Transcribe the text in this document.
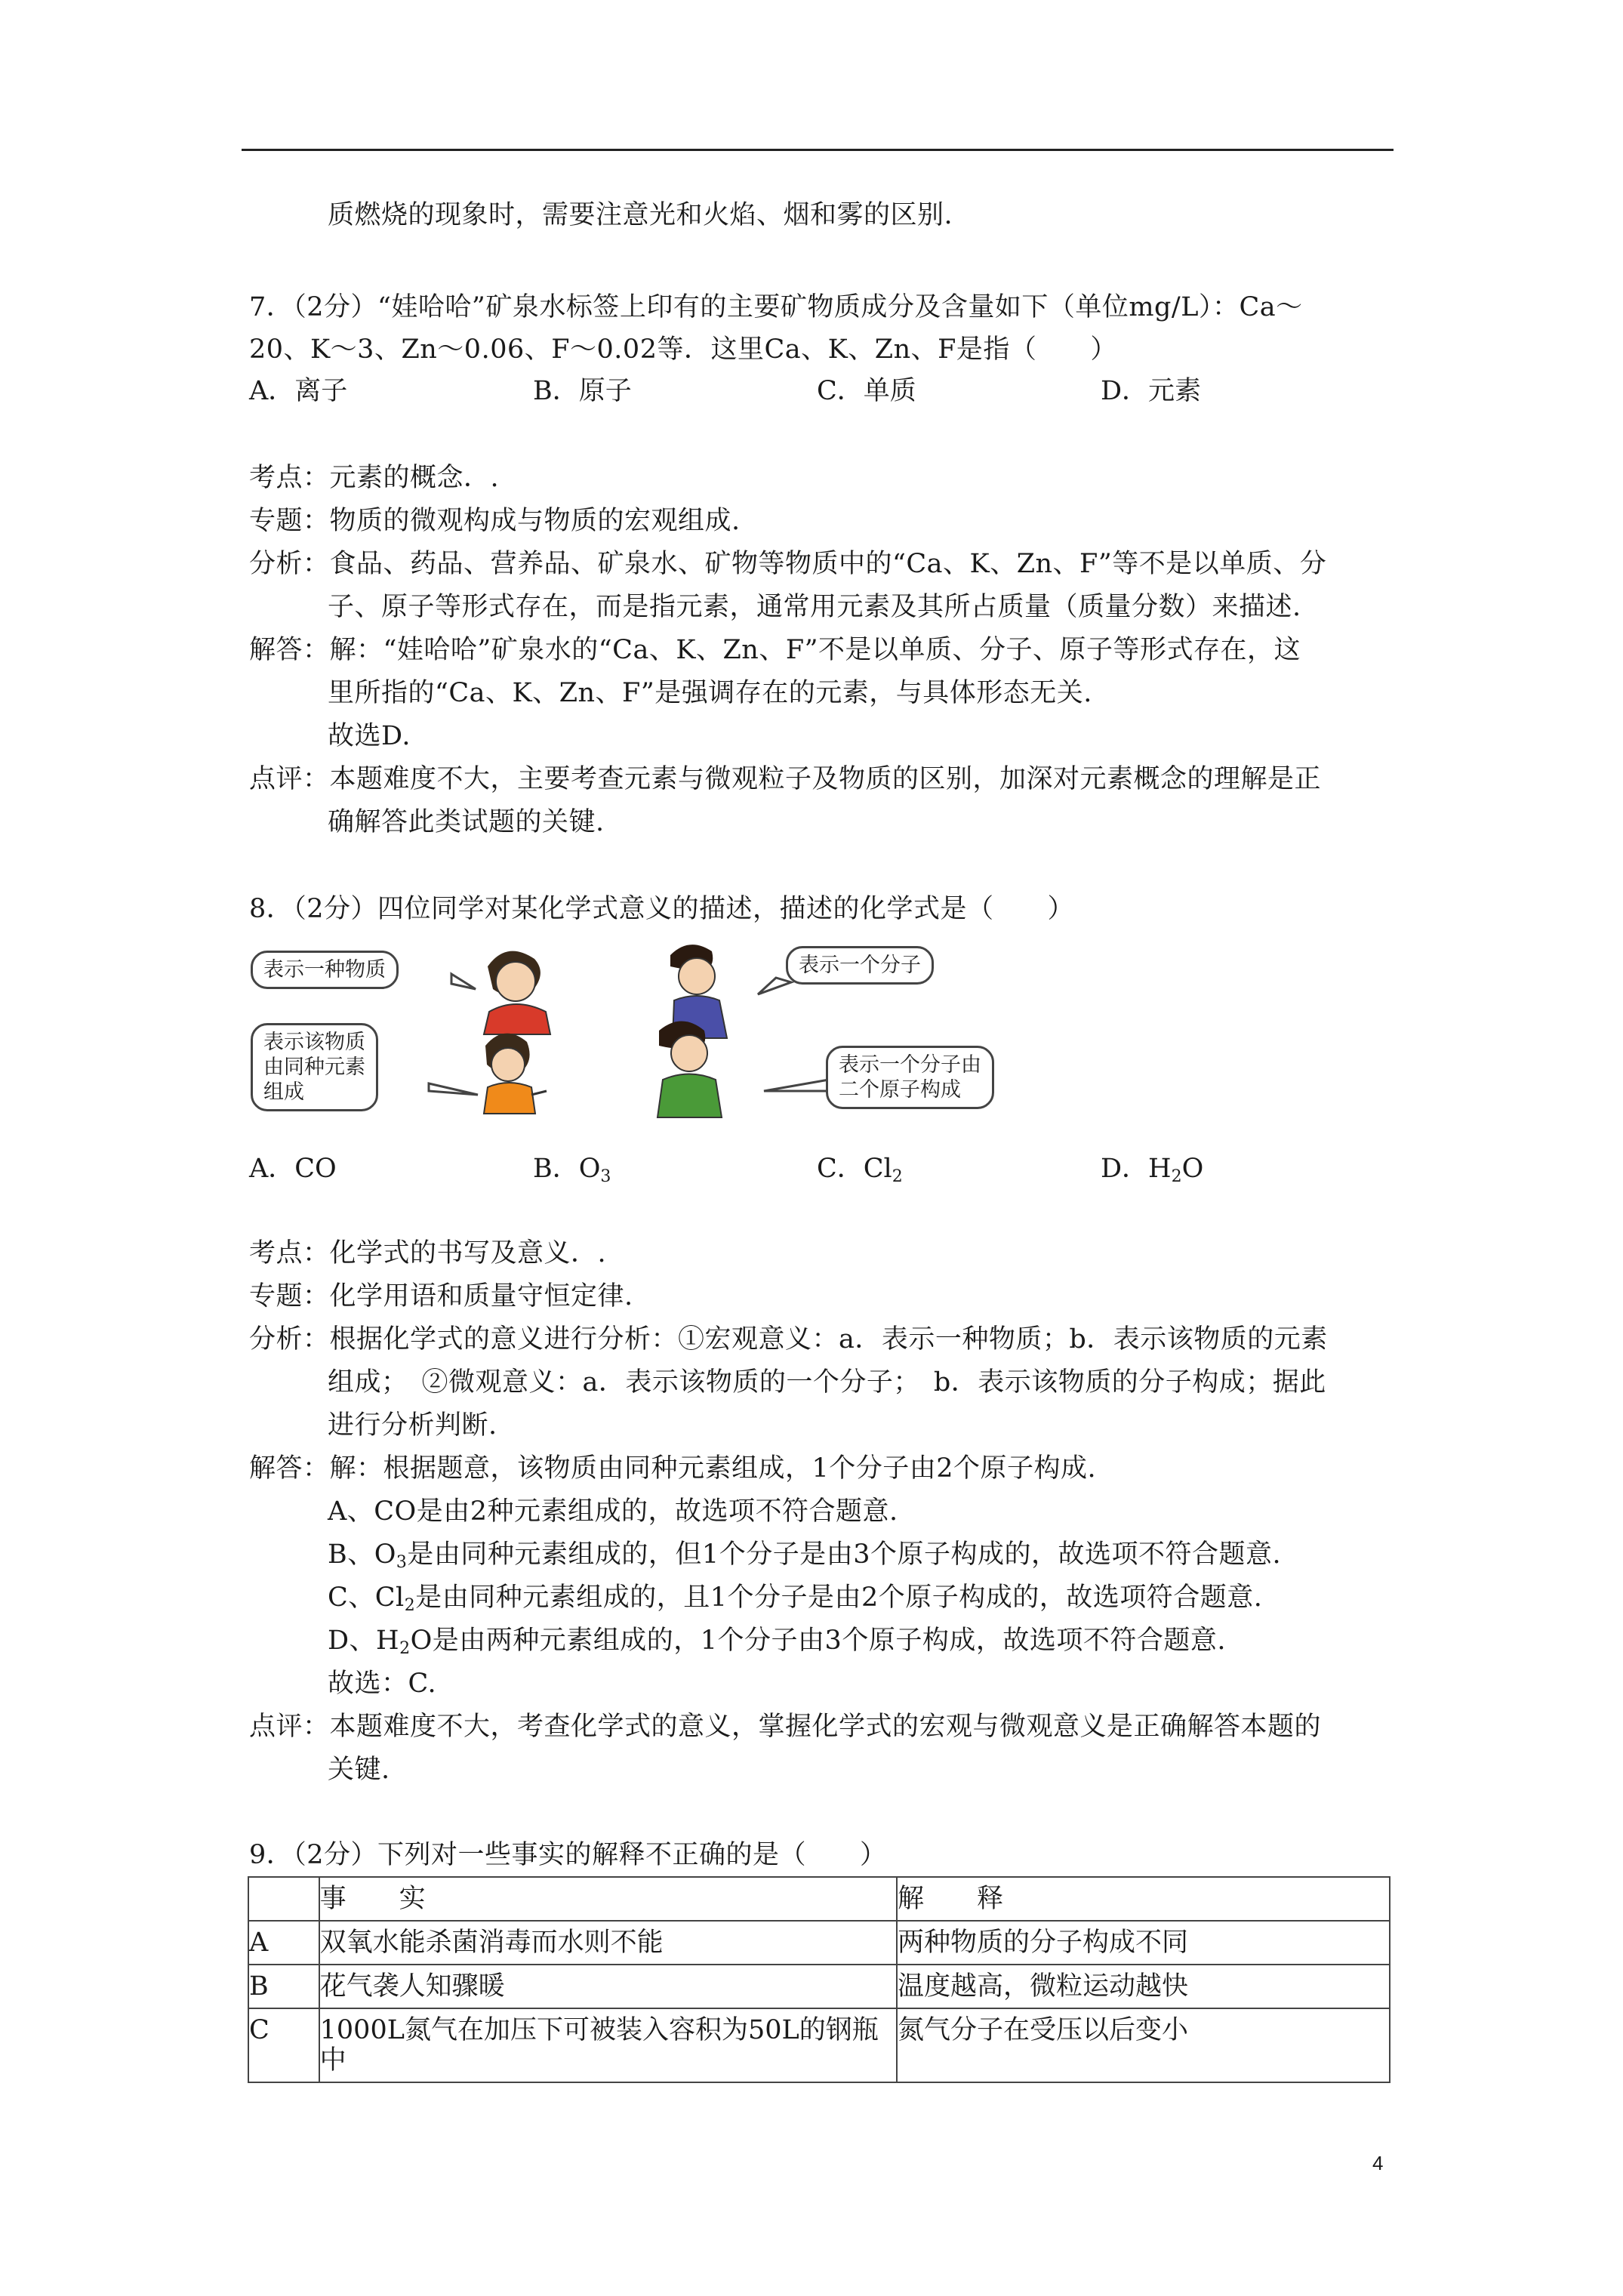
质燃烧的现象时，需要注意光和火焰、烟和雾的区别.
7．（2分）“娃哈哈”矿泉水标签上印有的主要矿物质成分及含量如下（单位mg/L）：Ca～
20、K～3、Zn～0.06、F～0.02等．这里Ca、K、Zn、F是指（　　）
A．离子	B．原子	C．单质	D．元素
考点：元素的概念．.
专题：物质的微观构成与物质的宏观组成.
分析：食品、药品、营养品、矿泉水、矿物等物质中的“Ca、K、Zn、F”等不是以单质、分
子、原子等形式存在，而是指元素，通常用元素及其所占质量（质量分数）来描述.
解答：解：“娃哈哈”矿泉水的“Ca、K、Zn、F”不是以单质、分子、原子等形式存在，这
里所指的“Ca、K、Zn、F”是强调存在的元素，与具体形态无关.
故选D.
点评：本题难度不大，主要考查元素与微观粒子及物质的区别，加深对元素概念的理解是正
确解答此类试题的关键.
8．（2分）四位同学对某化学式意义的描述，描述的化学式是（　　）
表示一种物质
表示该物质
由同种元素
组成
表示一个分子
表示一个分子由
二个原子构成
A．CO	B．$O_3$	C．$Cl_2$	D．$H_2O$
考点：化学式的书写及意义．.
专题：化学用语和质量守恒定律.
分析：根据化学式的意义进行分析：①宏观意义：a．表示一种物质；b．表示该物质的元素
组成；　②微观意义：a．表示该物质的一个分子；　b．表示该物质的分子构成；据此
进行分析判断.
解答：解：根据题意，该物质由同种元素组成，1个分子由2个原子构成.
A、CO是由2种元素组成的，故选项不符合题意.
B、$O_3$是由同种元素组成的，但1个分子是由3个原子构成的，故选项不符合题意.
C、$Cl_2$是由同种元素组成的，且1个分子是由2个原子构成的，故选项符合题意.
D、$H_2O$是由两种元素组成的，1个分子由3个原子构成，故选项不符合题意.
故选：C.
点评：本题难度不大，考查化学式的意义，掌握化学式的宏观与微观意义是正确解答本题的
关键.
9．（2分）下列对一些事实的解释不正确的是（　　）
	事　　实	解　　释
A	双氧水能杀菌消毒而水则不能	两种物质的分子构成不同
B	花气袭人知骤暖	温度越高，微粒运动越快
C	1000L氮气在加压下可被装入容积为50L的钢瓶中	氮气分子在受压以后变小
4
